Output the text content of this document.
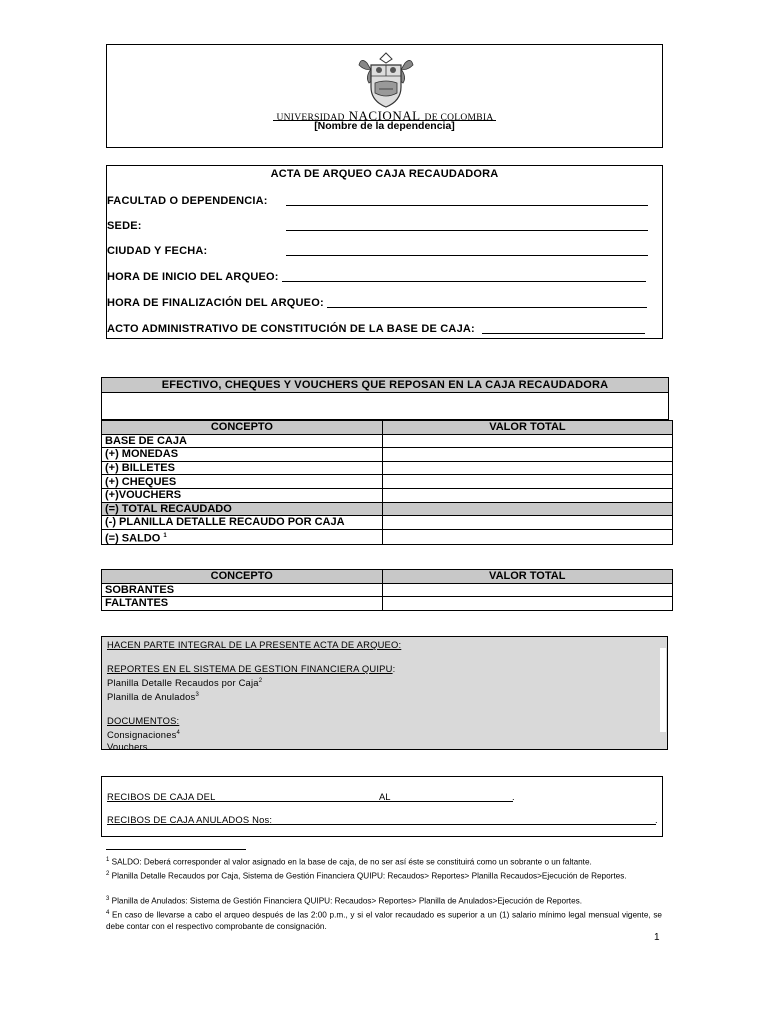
UNIVERSIDAD NACIONAL DE COLOMBIA
[Nombre de la dependencia]
ACTA DE ARQUEO CAJA RECAUDADORA
FACULTAD O DEPENDENCIA:
SEDE:
CIUDAD Y FECHA:
HORA DE INICIO DEL ARQUEO:
HORA DE FINALIZACIÓN DEL ARQUEO:
ACTO ADMINISTRATIVO DE CONSTITUCIÓN DE LA BASE DE CAJA:
EFECTIVO, CHEQUES Y VOUCHERS QUE REPOSAN EN LA CAJA RECAUDADORA
CONCEPTO	VALOR TOTAL
BASE DE CAJA	
(+) MONEDAS	
(+) BILLETES	
(+) CHEQUES	
(+)VOUCHERS	
(=) TOTAL RECAUDADO	
(-) PLANILLA DETALLE RECAUDO POR CAJA	
(=) SALDO $^1$	
CONCEPTO	VALOR TOTAL
SOBRANTES	
FALTANTES	
HACEN PARTE INTEGRAL DE LA PRESENTE ACTA DE ARQUEO:
REPORTES EN EL SISTEMA DE GESTION FINANCIERA QUIPU:
Planilla Detalle Recaudos por Caja$^2$
Planilla de Anulados$^3$
DOCUMENTOS:
Consignaciones$^4$
Vouchers
RECIBOS DE CAJA DEL	AL	.
RECIBOS DE CAJA ANULADOS Nos:	.
$^1$ SALDO: Deberá corresponder al valor asignado en la base de caja, de no ser así éste se constituirá como un sobrante o un faltante.
$^2$ Planilla Detalle Recaudos por Caja, Sistema de Gestión Financiera QUIPU: Recaudos> Reportes> Planilla Recaudos>Ejecución de Reportes.
$^3$ Planilla de Anulados: Sistema de Gestión Financiera QUIPU: Recaudos> Reportes> Planilla de Anulados>Ejecución de Reportes.
$^4$ En caso de llevarse a cabo el arqueo después de las 2:00 p.m., y si el valor recaudado es superior a un (1) salario mínimo legal mensual vigente, se debe contar con el respectivo comprobante de consignación.
1
